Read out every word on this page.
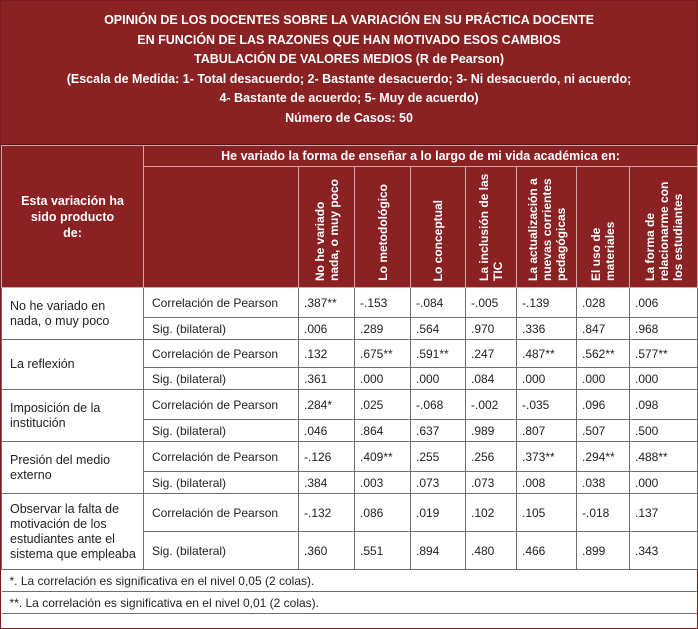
OPINIÓN DE LOS DOCENTES SOBRE LA VARIACIÓN EN SU PRÁCTICA DOCENTE
EN FUNCIÓN DE LAS RAZONES QUE HAN MOTIVADO ESOS CAMBIOS
TABULACIÓN DE VALORES MEDIOS (R de Pearson)
(Escala de Medida: 1- Total desacuerdo; 2- Bastante desacuerdo; 3- Ni desacuerdo, ni acuerdo;
4- Bastante de acuerdo; 5- Muy de acuerdo)
Número de Casos: 50
Esta variación ha sido producto de:	He variado la forma de enseñar a lo largo de mi vida académica en:							

		No he variado nada, o muy poco	Lo metodológico	Lo conceptual	La inclusión de las TIC	La actualización a nuevas corrientes pedagógicas	El uso de materiales	La forma de relacionarme con los estudiantes

No he variado en nada, o muy poco	Correlación de Pearson	.387**	-.153	-.084	-.005	-.139	.028	.006
	Sig. (bilateral)	.006	.289	.564	.970	.336	.847	.968
La reflexión	Correlación de Pearson	.132	.675**	.591**	.247	.487**	.562**	.577**
	Sig. (bilateral)	.361	.000	.000	.084	.000	.000	.000
Imposición de la institución	Correlación de Pearson	.284*	.025	-.068	-.002	-.035	.096	.098
	Sig. (bilateral)	.046	.864	.637	.989	.807	.507	.500
Presión del medio externo	Correlación de Pearson	-.126	.409**	.255	.256	.373**	.294**	.488**
	Sig. (bilateral)	.384	.003	.073	.073	.008	.038	.000
Observar la falta de motivación de los estudiantes ante el sistema que empleaba	Correlación de Pearson	-.132	.086	.019	.102	.105	-.018	.137
	Sig. (bilateral)	.360	.551	.894	.480	.466	.899	.343
*. La correlación es significativa en el nivel 0,05 (2 colas).								
**. La correlación es significativa en el nivel 0,01 (2 colas).								
